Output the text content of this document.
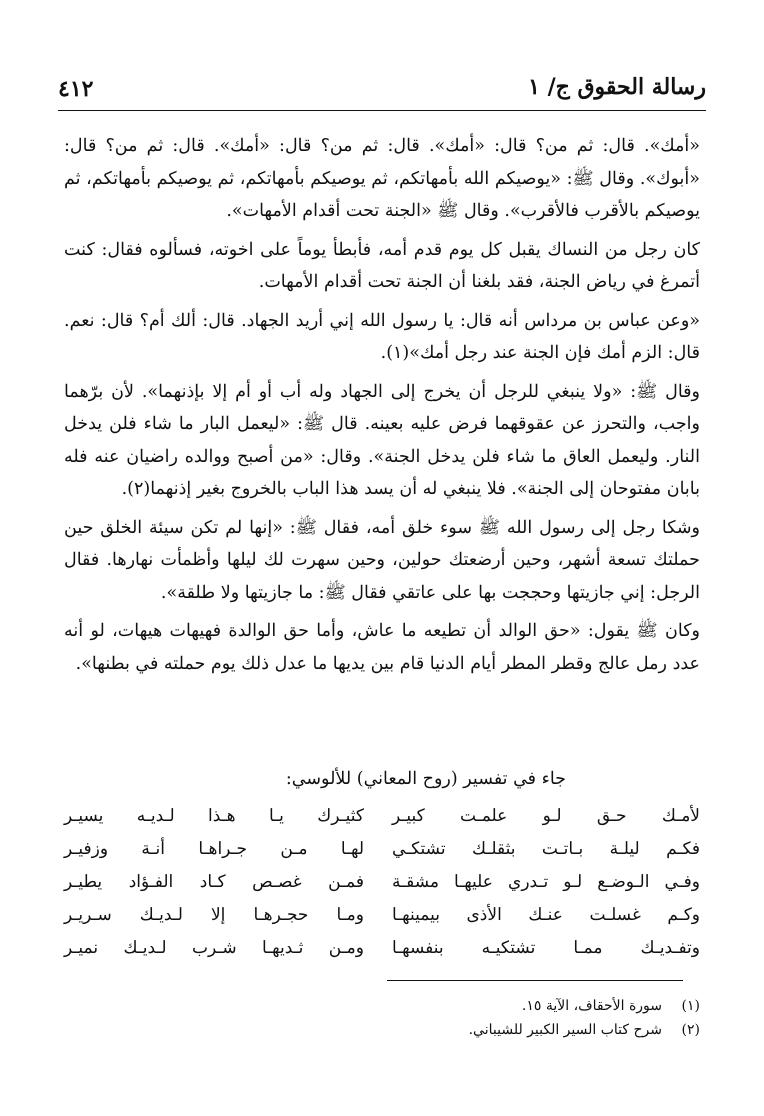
رسالة الحقوق ج/ ١
٤١٢

«أمك». قال: ثم من؟ قال: «أمك». قال: ثم من؟ قال: «أمك». قال: ثم من؟ قال: «أبوك». وقال ﷺ: «يوصيكم الله بأمهاتكم، ثم يوصيكم بأمهاتكم، ثم يوصيكم بأمهاتكم، ثم يوصيكم بالأقرب فالأقرب». وقال ﷺ «الجنة تحت أقدام الأمهات».

كان رجل من النساك يقبل كل يوم قدم أمه، فأبطأ يوماً على اخوته، فسألوه فقال: كنت أتمرغ في رياض الجنة، فقد بلغنا أن الجنة تحت أقدام الأمهات.

«وعن عباس بن مرداس أنه قال: يا رسول الله إني أريد الجهاد. قال: ألك أم؟ قال: نعم. قال: الزم أمك فإن الجنة عند رجل أمك»(١).

وقال ﷺ: «ولا ينبغي للرجل أن يخرج إلى الجهاد وله أب أو أم إلا بإذنهما». لأن برّهما واجب، والتحرز عن عقوقهما فرض عليه بعينه. قال ﷺ: «ليعمل البار ما شاء فلن يدخل النار. وليعمل العاق ما شاء فلن يدخل الجنة». وقال: «من أصبح ووالده راضيان عنه فله بابان مفتوحان إلى الجنة». فلا ينبغي له أن يسد هذا الباب بالخروج بغير إذنهما(٢).

وشكا رجل إلى رسول الله ﷺ سوء خلق أمه، فقال ﷺ: «إنها لم تكن سيئة الخلق حين حملتك تسعة أشهر، وحين أرضعتك حولين، وحين سهرت لك ليلها وأظمأت نهارها. فقال الرجل: إني جازيتها وحججت بها على عاتقي فقال ﷺ: ما جازيتها ولا طلقة».

وكان ﷺ يقول: «حق الوالد أن تطيعه ما عاش، وأما حق الوالدة فهيهات هيهات، لو أنه عدد رمل عالج وقطر المطر أيام الدنيا قام بين يديها ما عدل ذلك يوم حملته في بطنها».

جاء في تفسير (روح المعاني) للألوسي:
لأمـك حـق لـو علمـت كبيـر
كثيـرك يـا هـذا لـديـه يسيـر
فكـم ليلـة بـاتـت بثقلـك تشتكـي
لهـا مـن جـراهـا أنـة وزفيـر
وفـي الـوضـع لـو تـدري عليهـا مشقـة
فمـن غصـص كـاد الفـؤاد يطيـر
وكـم غسلـت عنـك الأذى بيمينهـا
ومـا حجـرهـا إلا لـديـك سـريـر
وتفـديـك ممـا تشتكيـه بنفسهـا
ومـن ثـديهـا شـرب لـديـك نميـر
(١)سورة الأحقاف، الآية ١٥.
(٢)شرح كتاب السير الكبير للشيباني.
